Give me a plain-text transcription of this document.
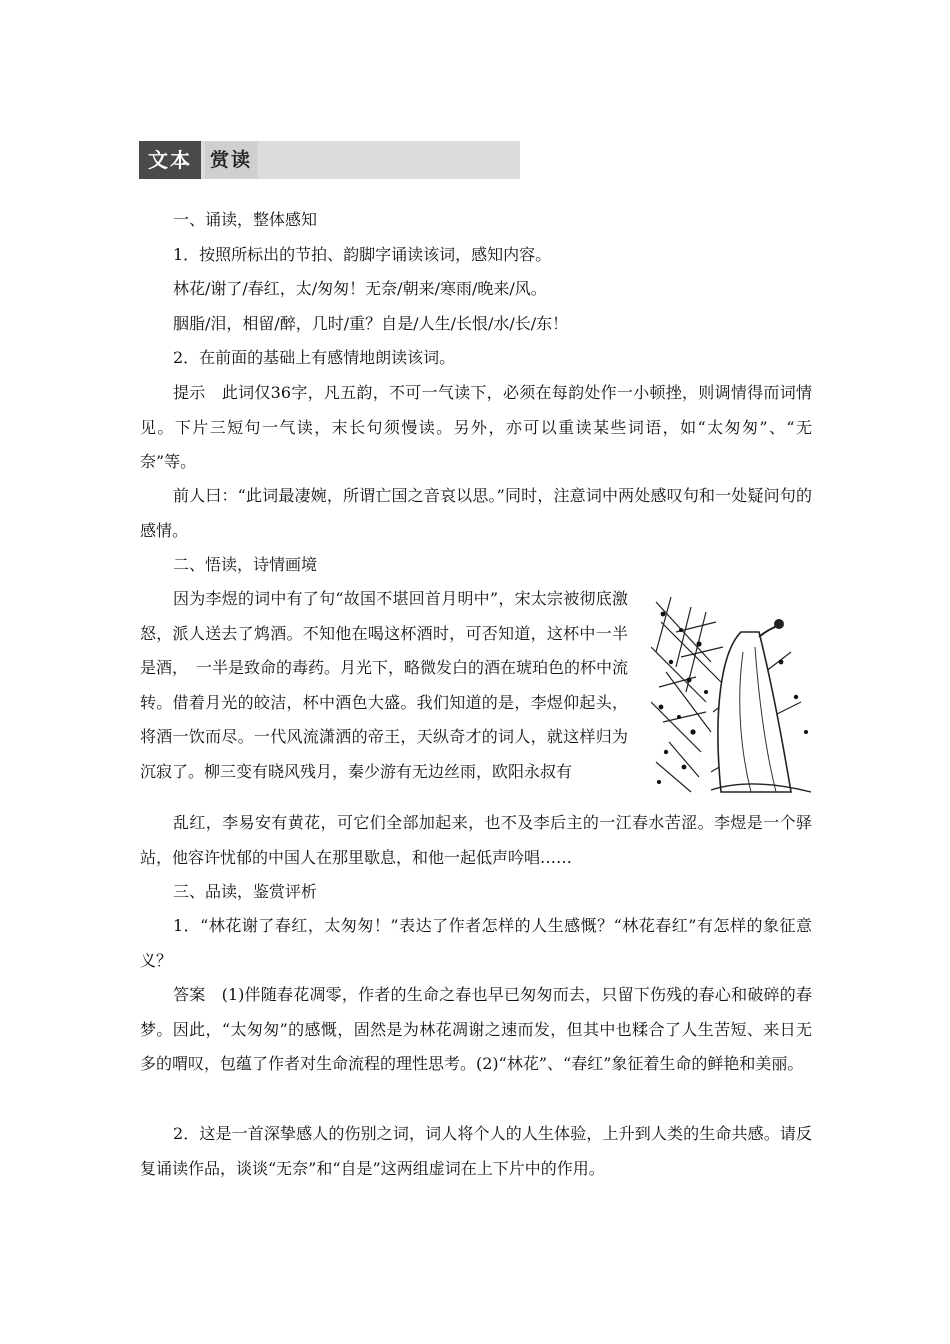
文本 赏读

一、诵读，整体感知

1．按照所标出的节拍、韵脚字诵读该词，感知内容。

林花/谢了/春红，太/匆匆！无奈/朝来/寒雨/晚来/风。

胭脂/泪，相留/醉，几时/重？自是/人生/长恨/水/长/东！

2．在前面的基础上有感情地朗读该词。

提示　此词仅36字，凡五韵，不可一气读下，必须在每韵处作一小顿挫，则调情得而词情见。下片三短句一气读，末长句须慢读。另外，亦可以重读某些词语，如“太匆匆”、“无奈”等。

前人曰：“此词最凄婉，所谓亡国之音哀以思。”同时，注意词中两处感叹句和一处疑问句的感情。

二、悟读，诗情画境

因为李煜的词中有了句“故国不堪回首月明中”，宋太宗被彻底激怒，派人送去了鸩酒。不知他在喝这杯酒时，可否知道，这杯中一半是酒，　一半是致命的毒药。月光下，略微发白的酒在琥珀色的杯中流转。借着月光的皎洁，杯中酒色大盛。我们知道的是，李煜仰起头，将酒一饮而尽。一代风流潇洒的帝王，天纵奇才的词人，就这样归为沉寂了。柳三变有晓风残月，秦少游有无边丝雨，欧阳永叔有

乱红，李易安有黄花，可它们全部加起来，也不及李后主的一江春水苦涩。李煜是一个驿站，他容许忧郁的中国人在那里歇息，和他一起低声吟唱……

三、品读，鉴赏评析

1．“林花谢了春红，太匆匆！”表达了作者怎样的人生感慨？“林花春红”有怎样的象征意义？

答案　(1)伴随春花凋零，作者的生命之春也早已匆匆而去，只留下伤残的春心和破碎的春梦。因此，“太匆匆”的感慨，固然是为林花凋谢之速而发，但其中也糅合了人生苦短、来日无多的喟叹，包蕴了作者对生命流程的理性思考。(2)“林花”、“春红”象征着生命的鲜艳和美丽。

2．这是一首深挚感人的伤别之词，词人将个人的人生体验，上升到人类的生命共感。请反复诵读作品，谈谈“无奈”和“自是”这两组虚词在上下片中的作用。
